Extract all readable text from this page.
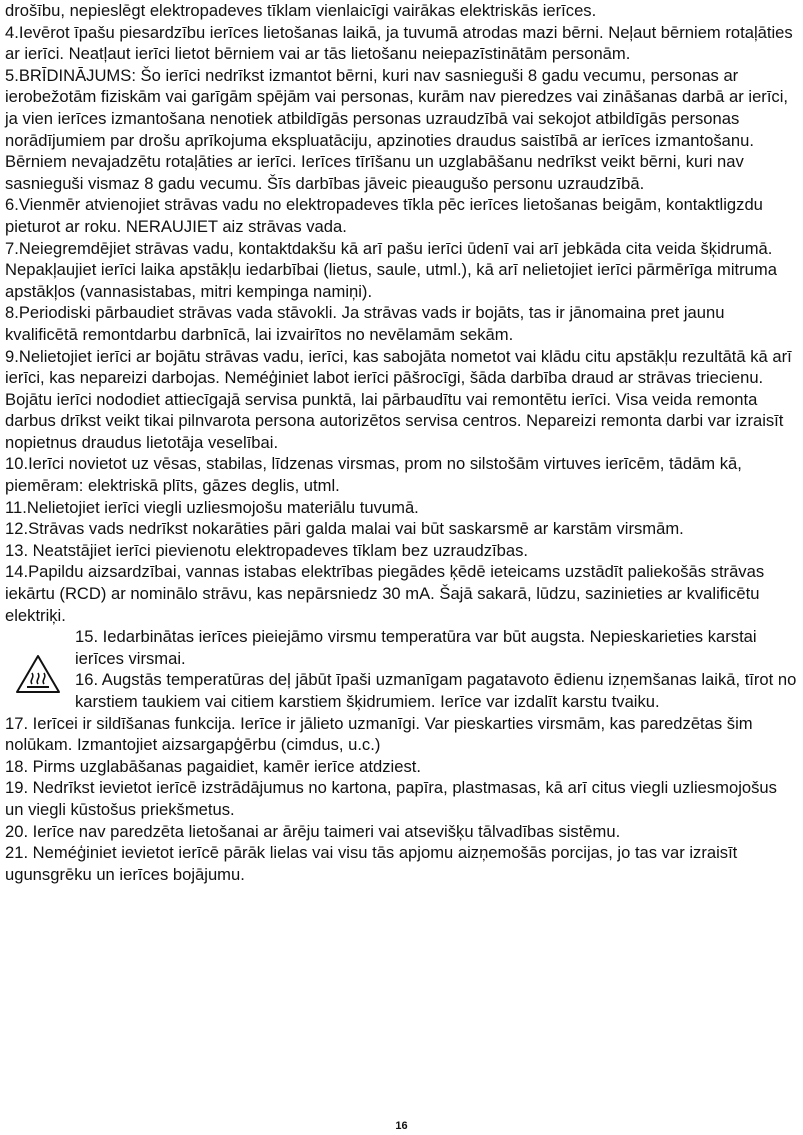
drošību, nepieslēgt elektropadeves tīklam vienlaicīgi vairākas elektriskās ierīces.

4.Ievērot īpašu piesardzību ierīces lietošanas laikā, ja tuvumā atrodas mazi bērni. Neļaut bērniem rotaļāties ar ierīci. Neatļaut ierīci lietot bērniem vai ar tās lietošanu neiepazīstinātām personām.

5.BRĪDINĀJUMS: Šo ierīci nedrīkst izmantot bērni, kuri nav sasnieguši 8 gadu vecumu, personas ar ierobežotām fiziskām vai garīgām spējām vai personas, kurām nav pieredzes vai zināšanas darbā ar ierīci, ja vien ierīces izmantošana nenotiek atbildīgās personas uzraudzībā vai sekojot atbildīgās personas norādījumiem par drošu aprīkojuma ekspluatāciju, apzinoties draudus saistībā ar ierīces izmantošanu. Bērniem nevajadzētu rotaļāties ar ierīci. Ierīces tīrīšanu un uzglabāšanu nedrīkst veikt bērni, kuri nav sasnieguši vismaz 8 gadu vecumu. Šīs darbības jāveic pieaugušo personu uzraudzībā.

6.Vienmēr atvienojiet strāvas vadu no elektropadeves tīkla pēc ierīces lietošanas beigām, kontaktligzdu pieturot ar roku. NERAUJIET aiz strāvas vada.

7.Neiegremdējiet strāvas vadu, kontaktdakšu kā arī pašu ierīci ūdenī vai arī jebkāda cita veida šķidrumā. Nepakļaujiet ierīci laika apstākļu iedarbībai (lietus, saule, utml.), kā arī nelietojiet ierīci pārmērīga mitruma apstākļos (vannasistabas, mitri kempinga namiņi).

8.Periodiski pārbaudiet strāvas vada stāvokli. Ja strāvas vads ir bojāts, tas ir jānomaina pret jaunu kvalificētā remontdarbu darbnīcā, lai izvairītos no nevēlamām sekām.

9.Nelietojiet ierīci ar bojātu strāvas vadu, ierīci, kas sabojāta nometot vai klādu citu apstākļu rezultātā kā arī ierīci, kas nepareizi darbojas. Neméģiniet labot ierīci pāšrocīgi, šāda darbība draud ar strāvas triecienu. Bojātu ierīci nododiet attiecīgajā servisa punktā, lai pārbaudītu vai remontētu ierīci. Visa veida remonta darbus drīkst veikt tikai pilnvarota persona autorizētos servisa centros. Nepareizi remonta darbi var izraisīt nopietnus draudus lietotāja veselībai.

10.Ierīci novietot uz vēsas, stabilas, līdzenas virsmas, prom no silstošām virtuves ierīcēm, tādām kā, piemēram: elektriskā plīts, gāzes deglis, utml.

11.Nelietojiet ierīci viegli uzliesmojošu materiālu tuvumā.

12.Strāvas vads nedrīkst nokarāties pāri galda malai vai būt saskarsmē ar karstām virsmām.

13. Neatstājiet ierīci pievienotu elektropadeves tīklam bez uzraudzības.

14.Papildu aizsardzībai, vannas istabas elektrības piegādes ķēdē ieteicams uzstādīt paliekošās strāvas iekārtu (RCD) ar nominālo strāvu, kas nepārsniedz 30 mA. Šajā sakarā, lūdzu, sazinieties ar kvalificētu elektriķi.

15. Iedarbinātas ierīces pieiejāmo virsmu temperatūra var būt augsta. Nepieskarieties karstai ierīces virsmai.

16. Augstās temperatūras deļ jābūt īpaši uzmanīgam pagatavoto ēdienu izņemšanas laikā, tīrot no karstiem taukiem vai citiem karstiem šķidrumiem. Ierīce var izdalīt karstu tvaiku.

17. Ierīcei ir sildīšanas funkcija. Ierīce ir jālieto uzmanīgi. Var pieskarties virsmām, kas paredzētas šim nolūkam. Izmantojiet aizsargapģērbu (cimdus, u.c.)

18. Pirms uzglabāšanas pagaidiet, kamēr ierīce atdziest.

19. Nedrīkst ievietot ierīcē izstrādājumus no kartona, papīra, plastmasas, kā arī citus viegli uzliesmojošus un viegli kūstošus priekšmetus.

20. Ierīce nav paredzēta lietošanai ar ārēju taimeri vai atsevišķu tālvadības sistēmu.

21. Neméģiniet ievietot ierīcē pārāk lielas vai visu tās apjomu aizņemošās porcijas, jo tas var izraisīt ugunsgrēku un ierīces bojājumu.

16
